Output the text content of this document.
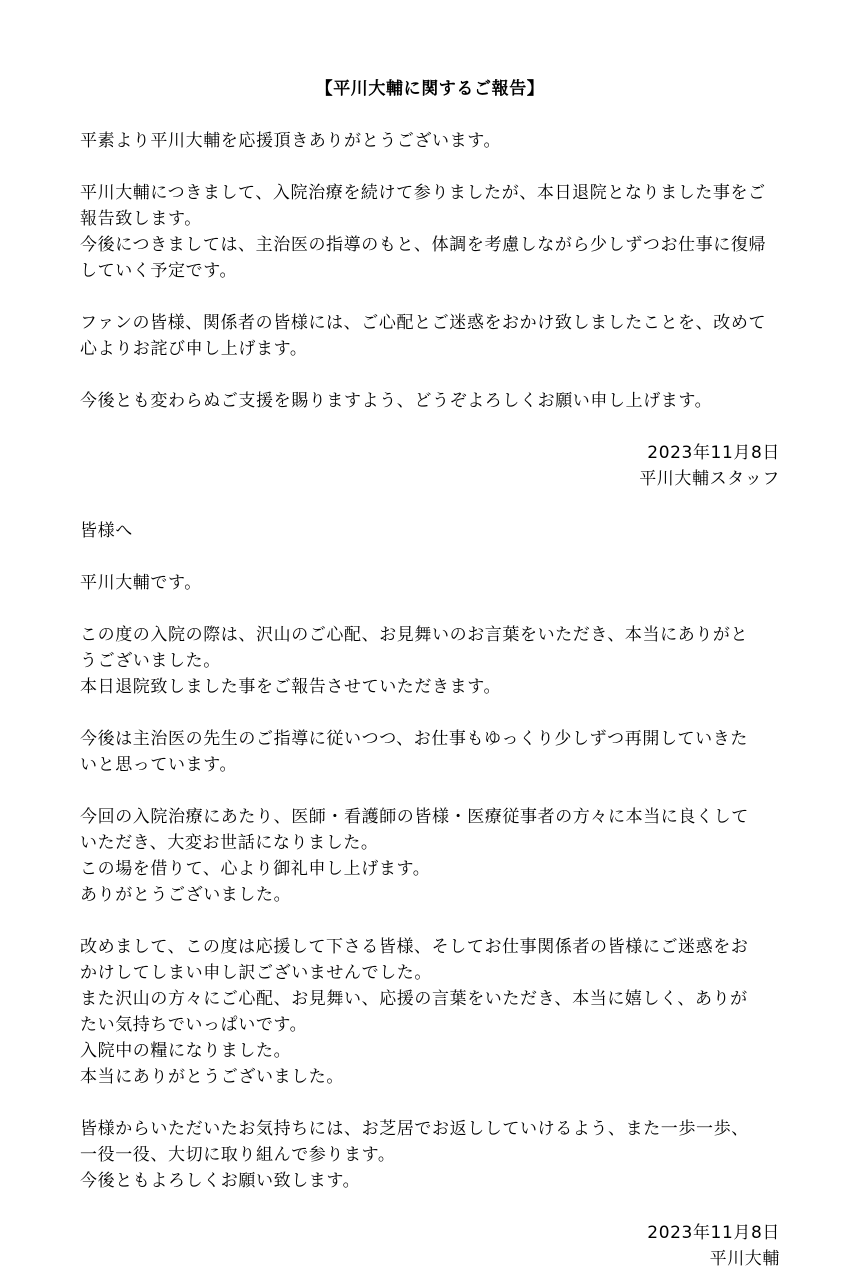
【平川大輔に関するご報告】

平素より平川大輔を応援頂きありがとうございます。

平川大輔につきまして、入院治療を続けて参りましたが、本日退院となりました事をご

報告致します。

今後につきましては、主治医の指導のもと、体調を考慮しながら少しずつお仕事に復帰

していく予定です。

ファンの皆様、関係者の皆様には、ご心配とご迷惑をおかけ致しましたことを、改めて

心よりお詫び申し上げます。

今後とも変わらぬご支援を賜りますよう、どうぞよろしくお願い申し上げます。

2023年11月8日

平川大輔スタッフ

皆様へ

平川大輔です。

この度の入院の際は、沢山のご心配、お見舞いのお言葉をいただき、本当にありがと

うございました。

本日退院致しました事をご報告させていただきます。

今後は主治医の先生のご指導に従いつつ、お仕事もゆっくり少しずつ再開していきた

いと思っています。

今回の入院治療にあたり、医師・看護師の皆様・医療従事者の方々に本当に良くして

いただき、大変お世話になりました。

この場を借りて、心より御礼申し上げます。

ありがとうございました。

改めまして、この度は応援して下さる皆様、そしてお仕事関係者の皆様にご迷惑をお

かけしてしまい申し訳ございませんでした。

また沢山の方々にご心配、お見舞い、応援の言葉をいただき、本当に嬉しく、ありが

たい気持ちでいっぱいです。

入院中の糧になりました。

本当にありがとうございました。

皆様からいただいたお気持ちには、お芝居でお返ししていけるよう、また一歩一歩、

一役一役、大切に取り組んで参ります。

今後ともよろしくお願い致します。

2023年11月8日

平川大輔
